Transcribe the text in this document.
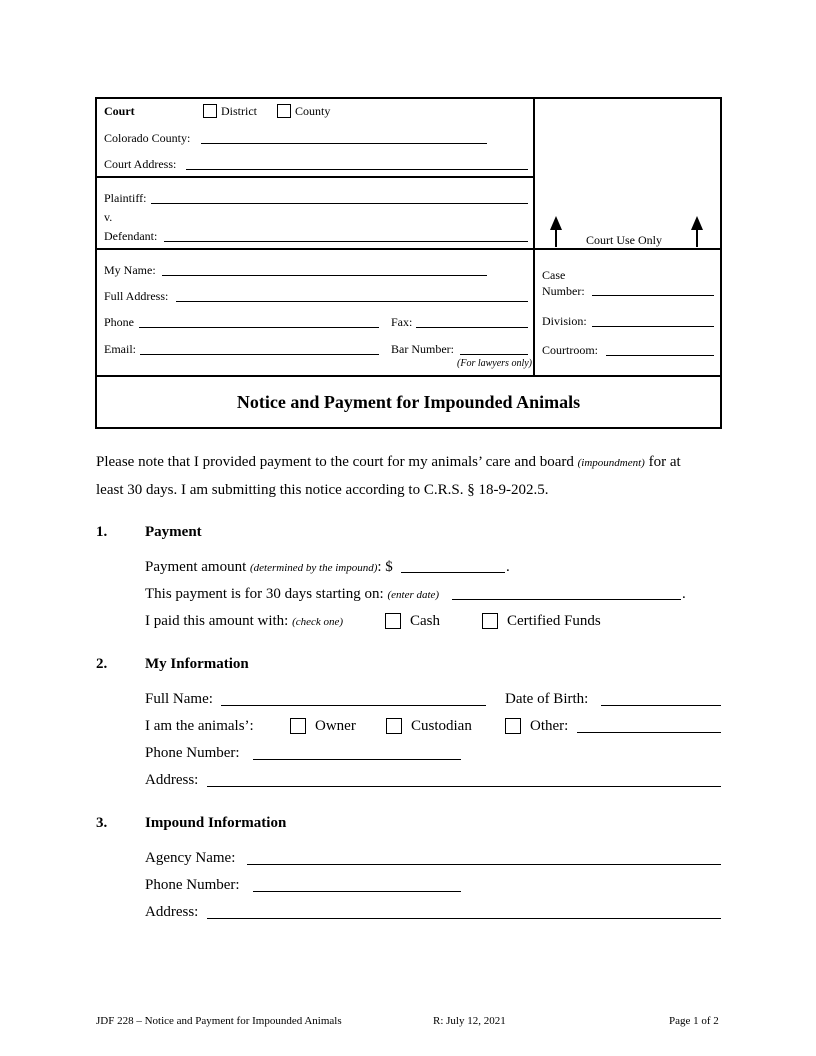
Court	District	County
Colorado County:
Court Address:
Plaintiff:
v.
Defendant:	Court Use Only
My Name:
Full Address:
Phone	Fax:
Email:	Bar Number:
(For lawyers only)
Case
Number:
Division:
Courtroom:
Notice and Payment for Impounded Animals
Please note that I provided payment to the court for my animals’ care and board (impoundment) for at
least 30 days. I am submitting this notice according to C.R.S. § 18-9-202.5.
1.	Payment
Payment amount (determined by the impound): $	.
This payment is for 30 days starting on: (enter date)	.
I paid this amount with: (check one)	Cash	Certified Funds
2.	My Information
Full Name:	Date of Birth:
I am the animals’:	Owner	Custodian	Other:
Phone Number:
Address:
3.	Impound Information
Agency Name:
Phone Number:
Address:
JDF 228 – Notice and Payment for Impounded Animals	R: July 12, 2021	Page 1 of 2
